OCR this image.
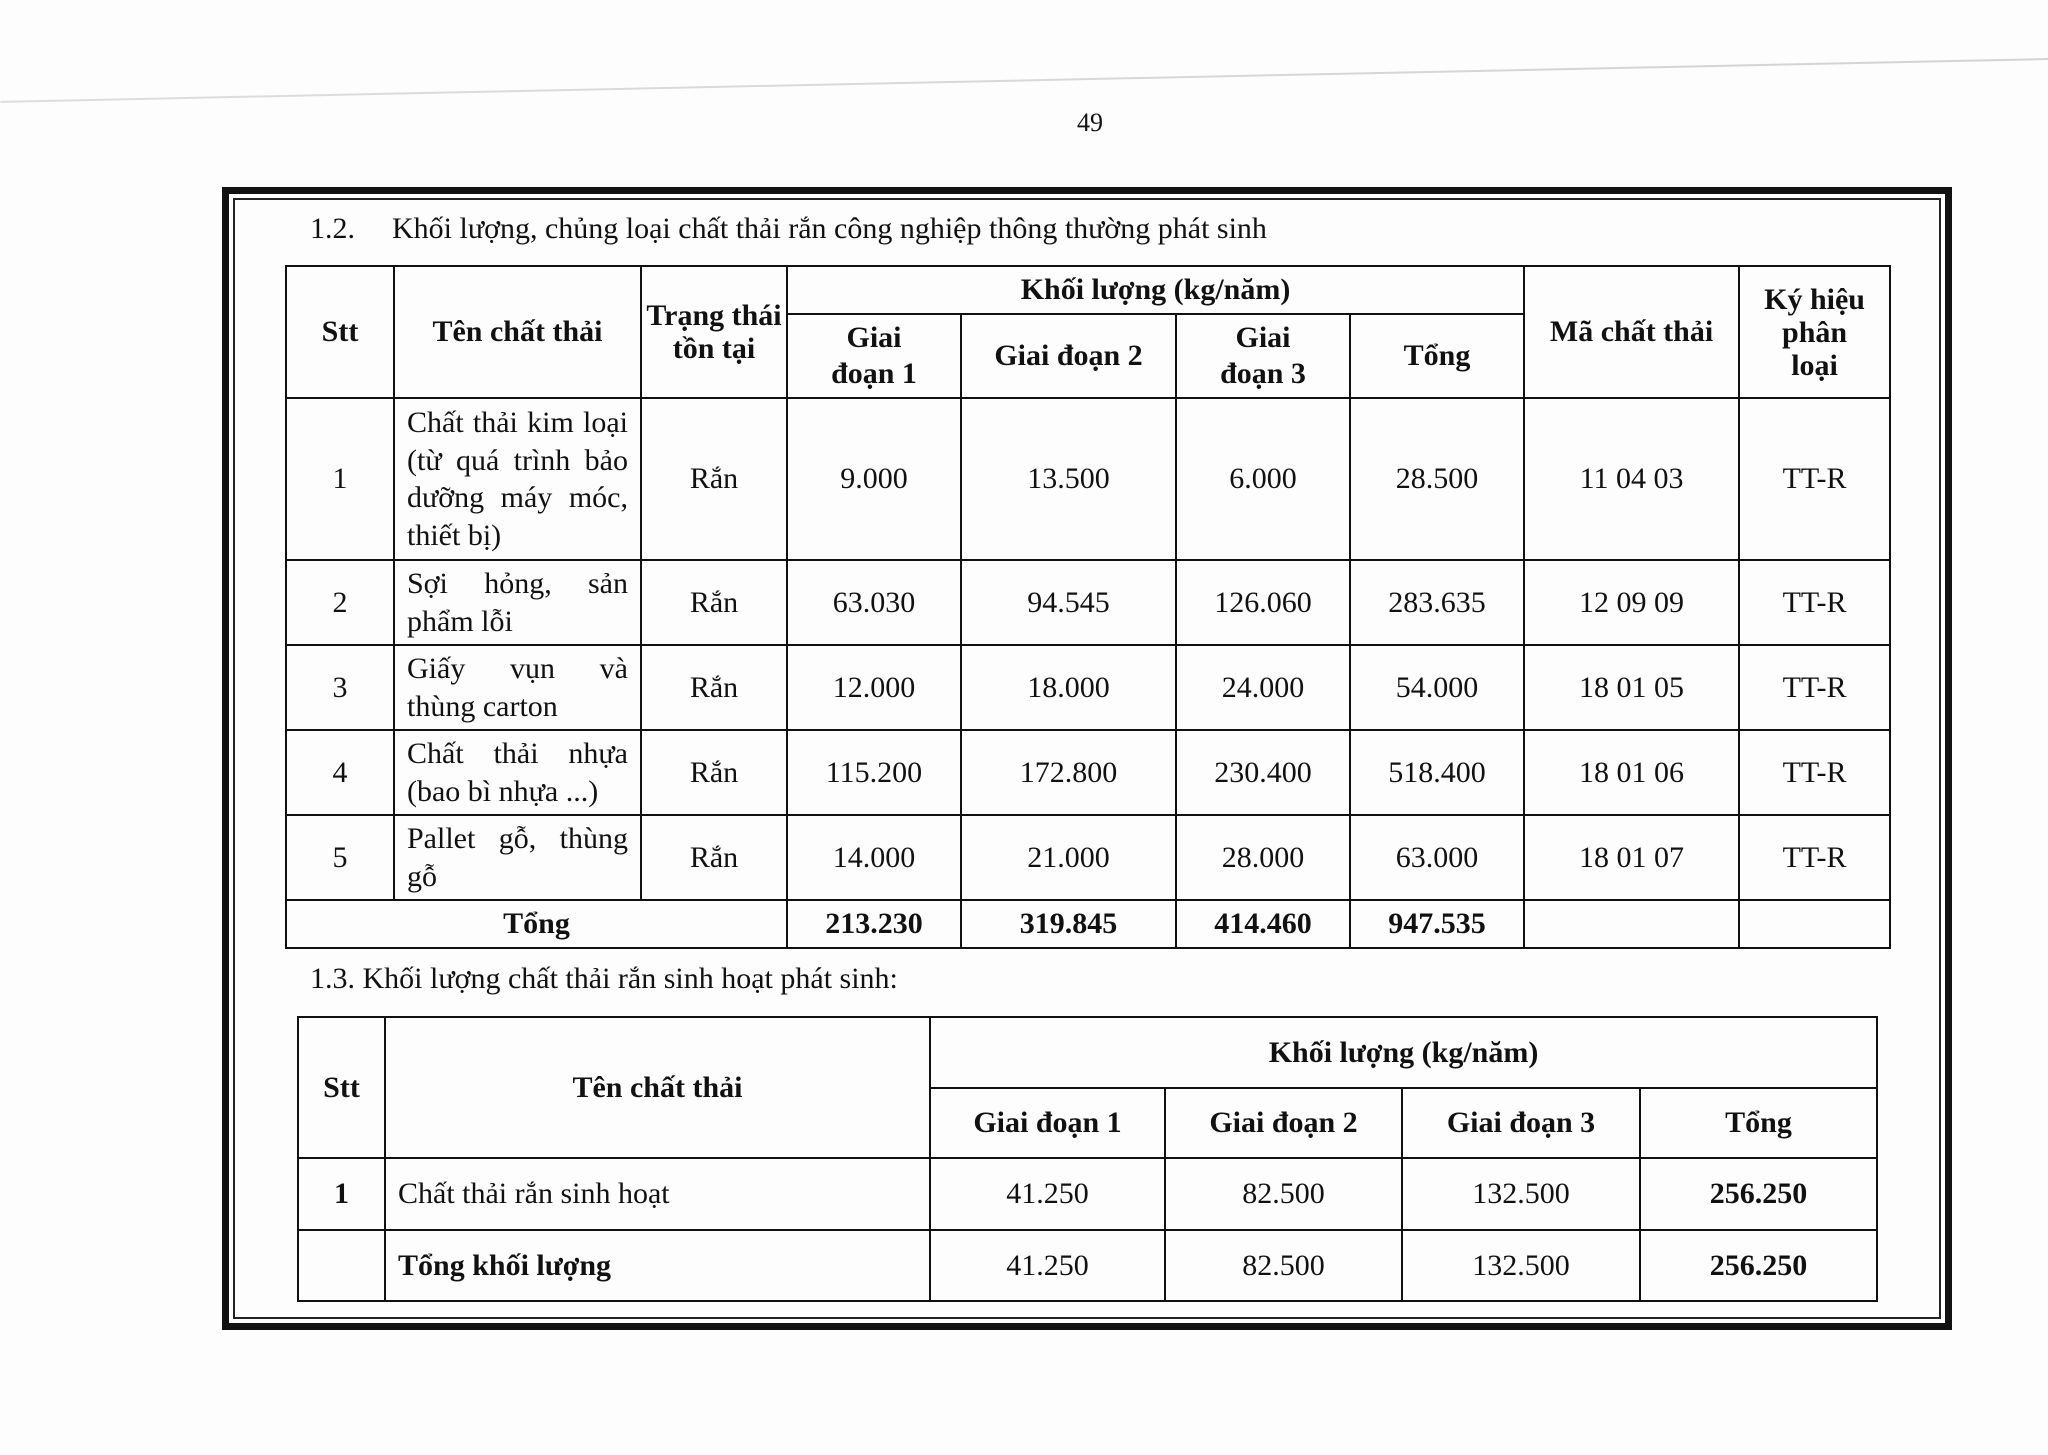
49
1.2. Khối lượng, chủng loại chất thải rắn công nghiệp thông thường phát sinh
Stt	Tên chất thải	Trạng thái tồn tại	Khối lượng (kg/năm)				Mã chất thải	Ký hiệu phân loại
			Giai đoạn 1	Giai đoạn 2	Giai đoạn 3	Tổng		
1	Chất thải kim loại (từ quá trình bảo dưỡng máy móc, thiết bị)	Rắn	9.000	13.500	6.000	28.500	11 04 03	TT-R
2	Sợi hỏng, sản phẩm lỗi	Rắn	63.030	94.545	126.060	283.635	12 09 09	TT-R
3	Giấy vụn và thùng carton	Rắn	12.000	18.000	24.000	54.000	18 01 05	TT-R
4	Chất thải nhựa (bao bì nhựa ...)	Rắn	115.200	172.800	230.400	518.400	18 01 06	TT-R
5	Pallet gỗ, thùng gỗ	Rắn	14.000	21.000	28.000	63.000	18 01 07	TT-R
Tổng			213.230	319.845	414.460	947.535		
1.3. Khối lượng chất thải rắn sinh hoạt phát sinh:
Stt	Tên chất thải	Khối lượng (kg/năm)			
		Giai đoạn 1	Giai đoạn 2	Giai đoạn 3	Tổng
1	Chất thải rắn sinh hoạt	41.250	82.500	132.500	256.250
	Tổng khối lượng	41.250	82.500	132.500	256.250
